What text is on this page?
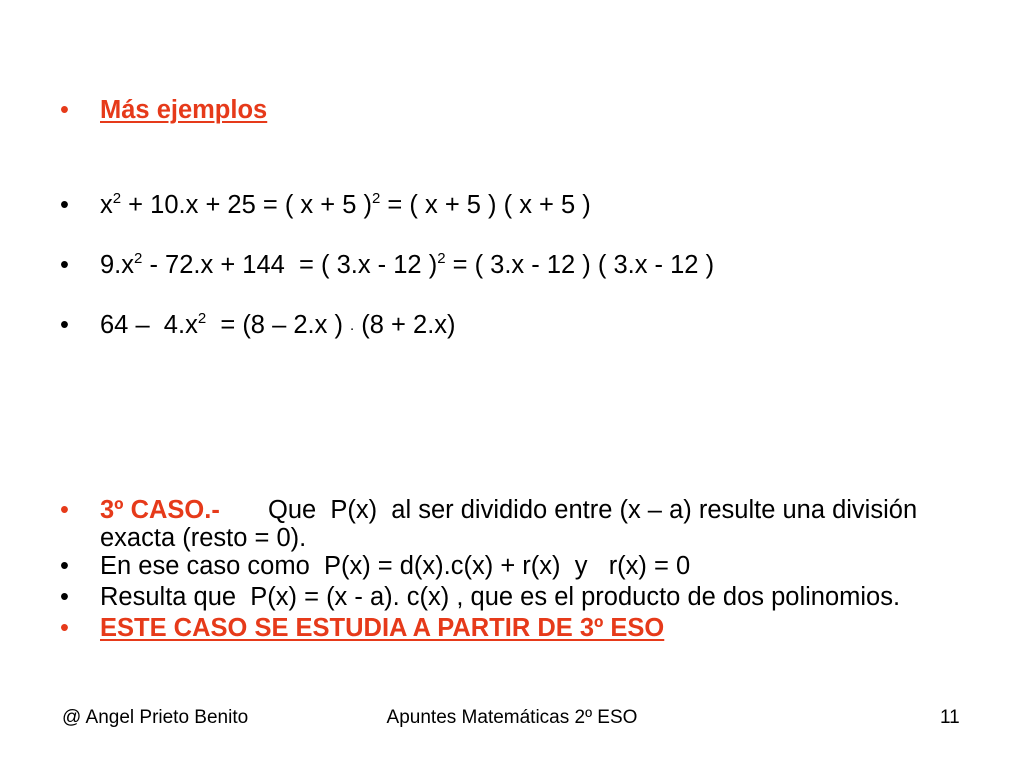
•

Más ejemplos

•

$x^2 + 10.x + 25$ = ( x + 5 )$^2$ = ( x + 5 ) ( x + 5 )

•

$9.x^2 - 72.x + 144$  = ( 3.x - 12 )$^2$ = ( 3.x - 12 ) ( 3.x - 12 )

•

$64 - 4.x^2 = (8 - 2.x$ ) . (8 + 2.x)

•

3º CASO.- Que  P(x)  al ser dividido entre (x – a) resulte una división
exacta (resto = 0).

•

En ese caso como  P(x) = d(x).c(x) + r(x)  y   r(x) = 0

•

Resulta que  P(x) = (x - a). c(x) , que es el producto de dos polinomios.

•

ESTE CASO SE ESTUDIA A PARTIR DE 3º ESO

@ Angel Prieto Benito	Apuntes Matemáticas 2º ESO	11
